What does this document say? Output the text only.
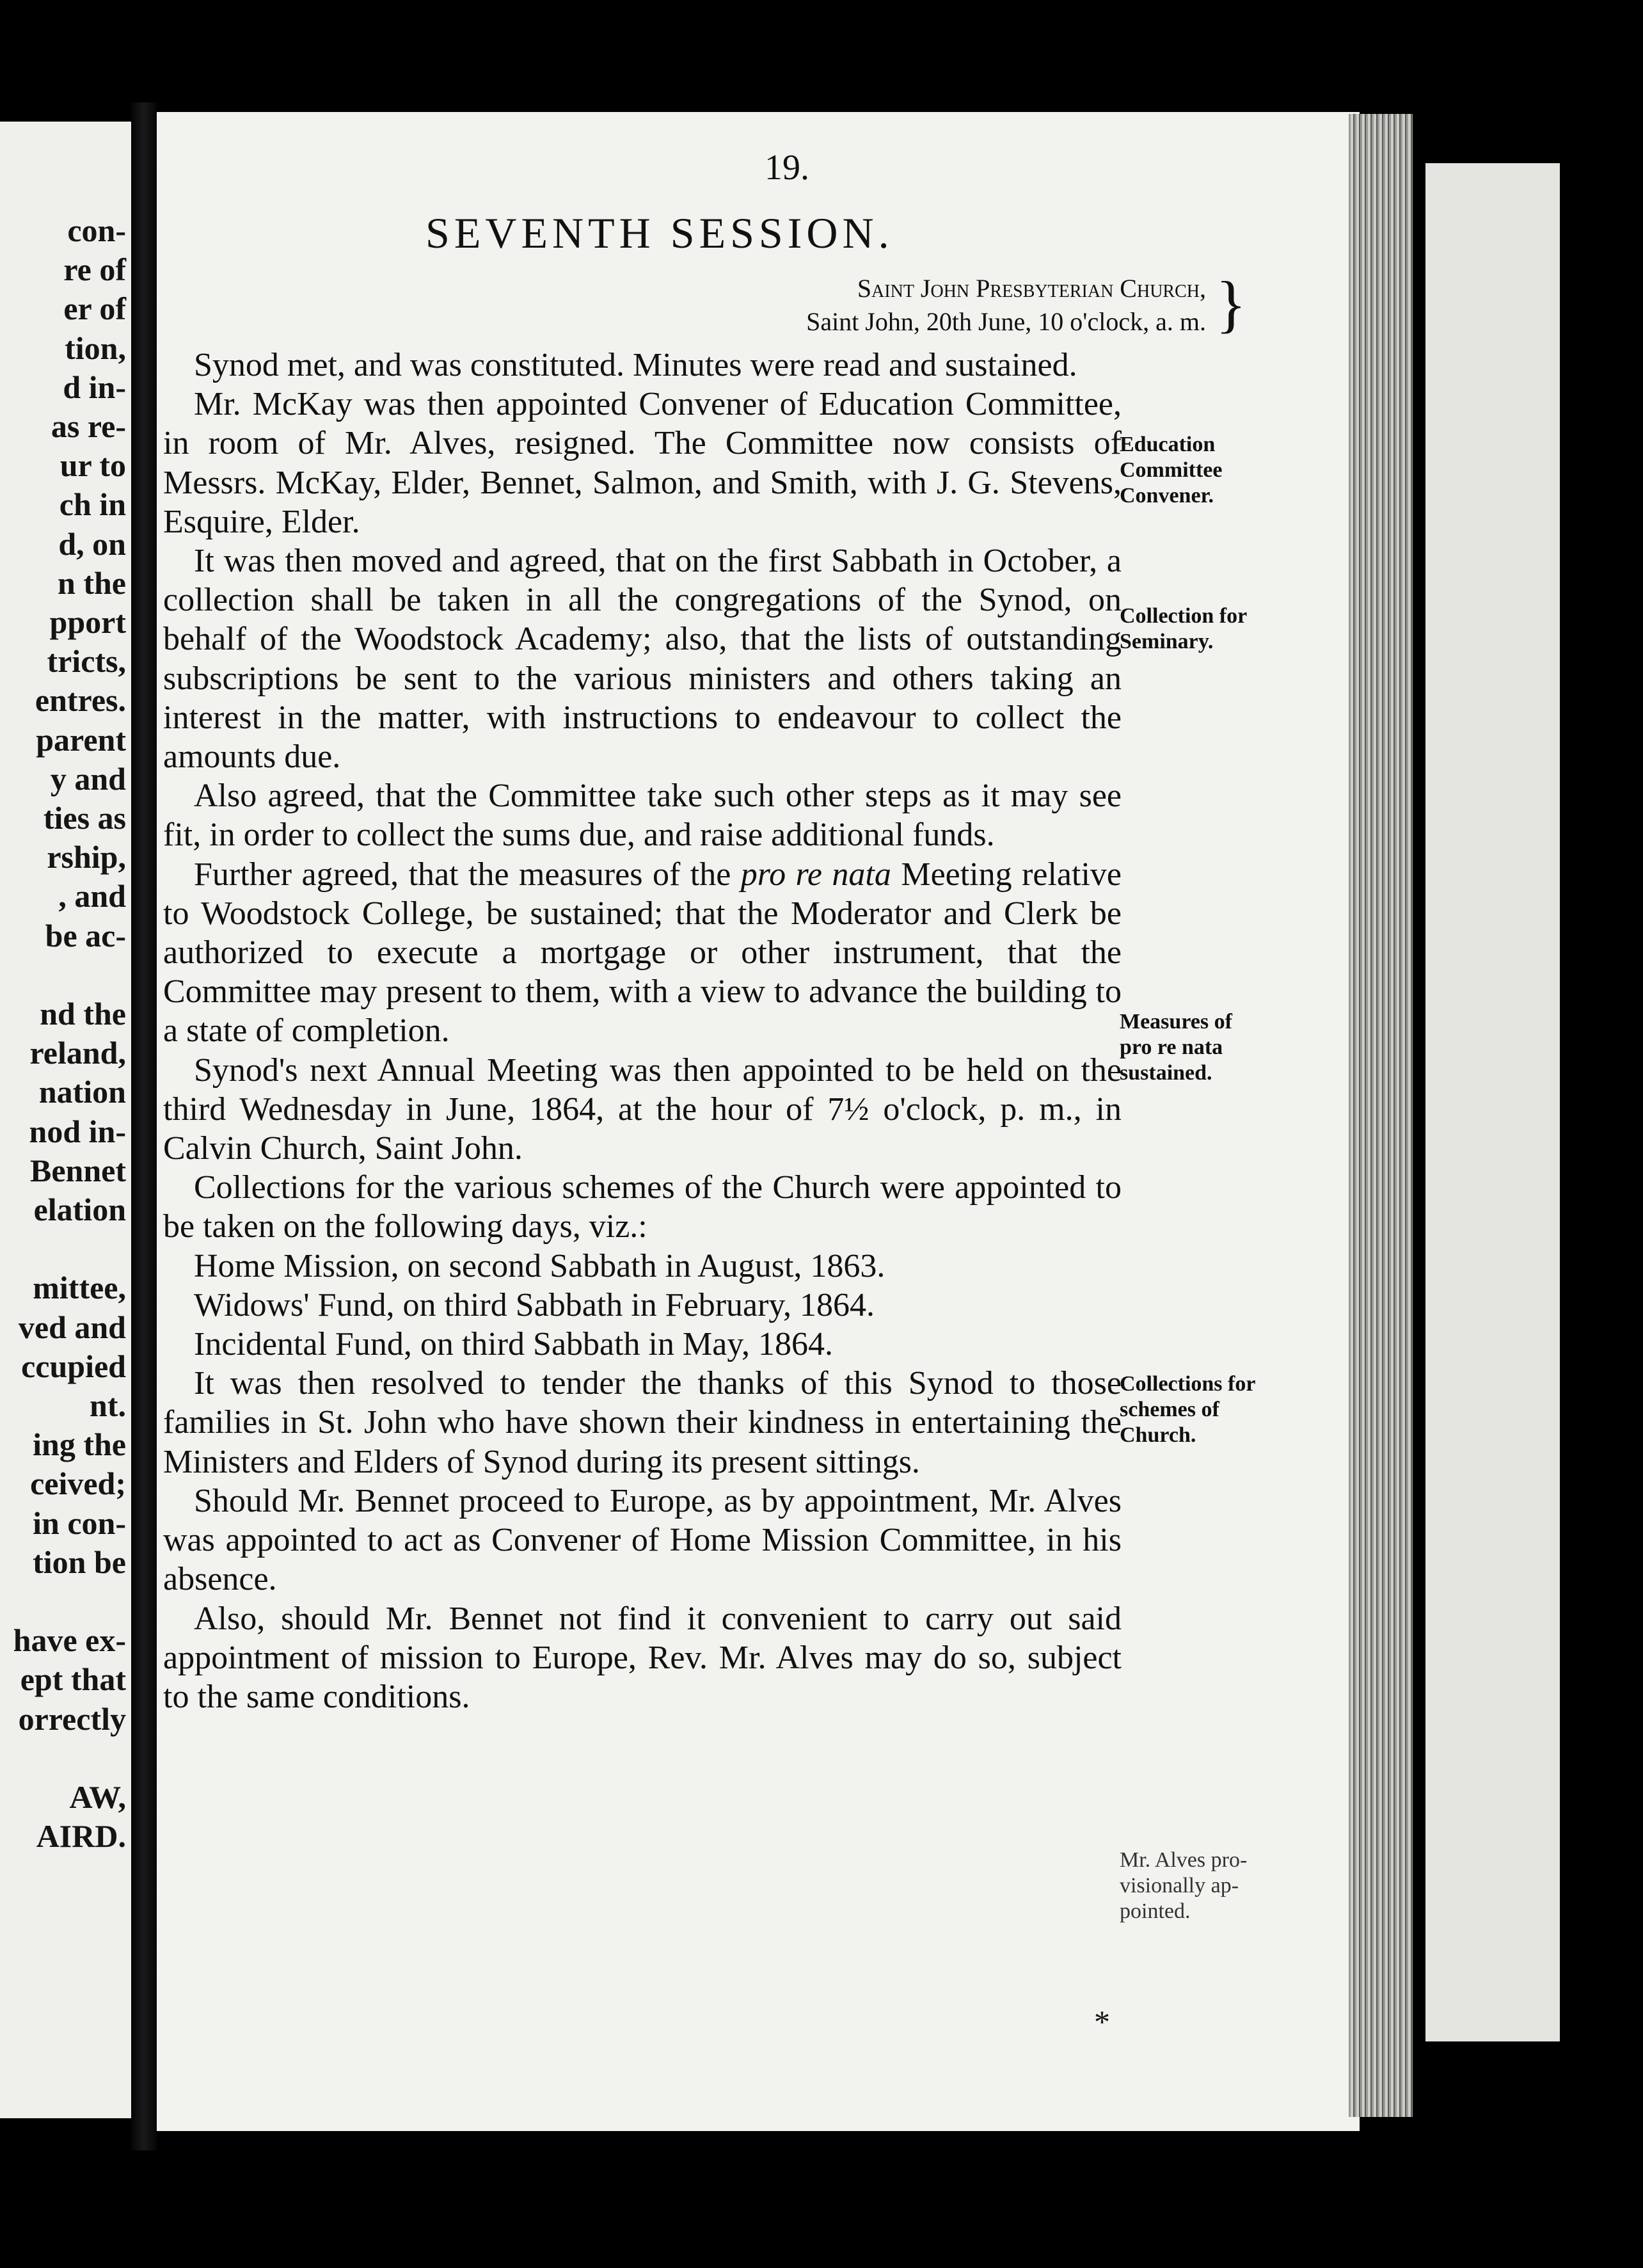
con-
re of
er of
tion,
d in-
as re-
ur to
ch in
d, on
n the
pport
tricts,
entres.
parent
y and
ties as
rship,
, and
be ac-
nd the
reland,
nation
nod in-
Bennet
elation
mittee,
ved and
ccupied
nt.
ing the
ceived;
in con-
tion be
have ex-
ept that
orrectly
AW,
AIRD.
19.
SEVENTH SESSION.
Saint John Presbyterian Church,
Saint John, 20th June, 10 o'clock, a. m. }

Synod met, and was constituted. Minutes were read and sustained.

Mr. McKay was then appointed Convener of Education Committee, in room of Mr. Alves, resigned. The Committee now consists of Messrs. McKay, Elder, Bennet, Salmon, and Smith, with J. G. Stevens, Esquire, Elder.

It was then moved and agreed, that on the first Sabbath in October, a collection shall be taken in all the congregations of the Synod, on behalf of the Woodstock Academy; also, that the lists of outstanding subscriptions be sent to the various ministers and others taking an interest in the matter, with instructions to endeavour to collect the amounts due.

Also agreed, that the Committee take such other steps as it may see fit, in order to collect the sums due, and raise additional funds.

Further agreed, that the measures of the pro re nata Meeting relative to Woodstock College, be sustained; that the Moderator and Clerk be authorized to execute a mortgage or other instrument, that the Committee may present to them, with a view to advance the building to a state of completion.

Synod's next Annual Meeting was then appointed to be held on the third Wednesday in June, 1864, at the hour of 7½ o'clock, p. m., in Calvin Church, Saint John.

Collections for the various schemes of the Church were appointed to be taken on the following days, viz.:

Home Mission, on second Sabbath in August, 1863.

Widows' Fund, on third Sabbath in February, 1864.

Incidental Fund, on third Sabbath in May, 1864.

It was then resolved to tender the thanks of this Synod to those families in St. John who have shown their kindness in entertaining the Ministers and Elders of Synod during its present sittings.

Should Mr. Bennet proceed to Europe, as by appointment, Mr. Alves was appointed to act as Convener of Home Mission Committee, in his absence.

Also, should Mr. Bennet not find it convenient to carry out said appointment of mission to Europe, Rev. Mr. Alves may do so, subject to the same conditions.

Education
Committee
Convener.
Collection for
Seminary.
Measures of
pro re nata
sustained.
Collections for
schemes of
Church.
Mr. Alves pro-
visionally ap-
pointed.
*
